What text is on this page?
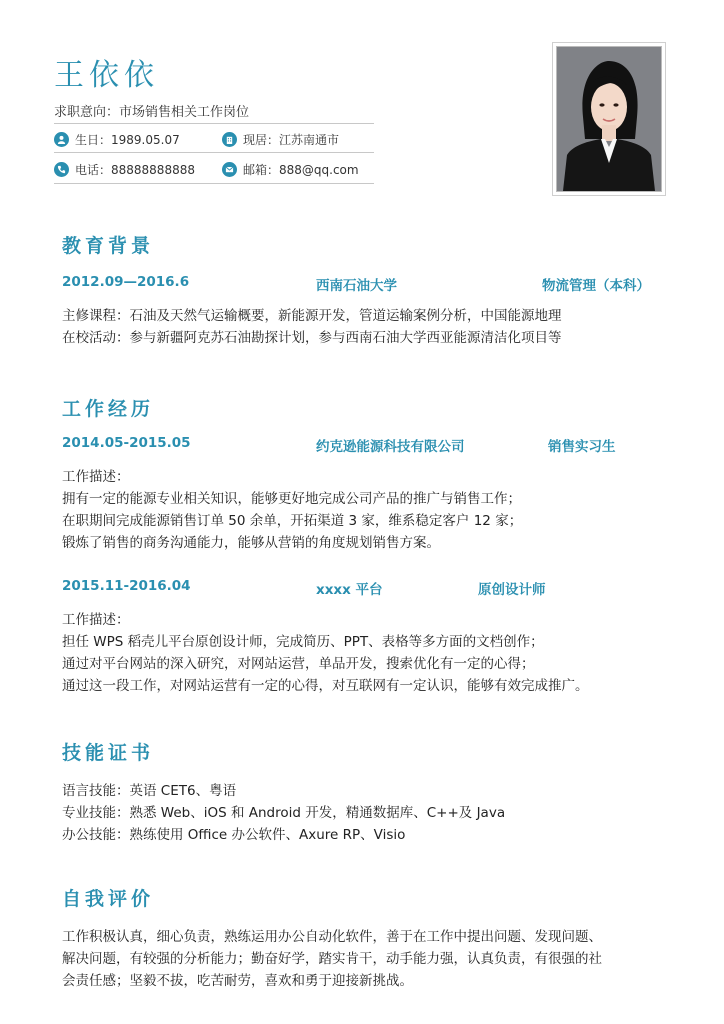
王依依
求职意向：市场销售相关工作岗位
生日：1989.05.07	现居：江苏南通市
电话：88888888888	邮箱：888@qq.com
教育背景
2012.09—2016.6	西南石油大学	物流管理（本科）
主修课程：石油及天然气运输概要，新能源开发，管道运输案例分析，中国能源地理
在校活动：参与新疆阿克苏石油勘探计划，参与西南石油大学西亚能源清洁化项目等
工作经历
2014.05-2015.05	约克逊能源科技有限公司	销售实习生
工作描述：
拥有一定的能源专业相关知识，能够更好地完成公司产品的推广与销售工作；
在职期间完成能源销售订单 50 余单，开拓渠道 3 家，维系稳定客户 12 家；
锻炼了销售的商务沟通能力，能够从营销的角度规划销售方案。
2015.11-2016.04	xxxx 平台	原创设计师
工作描述：
担任 WPS 稻壳儿平台原创设计师，完成简历、PPT、表格等多方面的文档创作；
通过对平台网站的深入研究，对网站运营，单品开发，搜索优化有一定的心得；
通过这一段工作，对网站运营有一定的心得，对互联网有一定认识，能够有效完成推广。
技能证书
语言技能：英语 CET6、粤语
专业技能：熟悉 Web、iOS 和 Android 开发，精通数据库、C++及 Java
办公技能：熟练使用 Office 办公软件、Axure RP、Visio
自我评价
工作积极认真，细心负责，熟练运用办公自动化软件，善于在工作中提出问题、发现问题、
解决问题，有较强的分析能力；勤奋好学，踏实肯干，动手能力强，认真负责，有很强的社
会责任感；坚毅不拔，吃苦耐劳，喜欢和勇于迎接新挑战。
